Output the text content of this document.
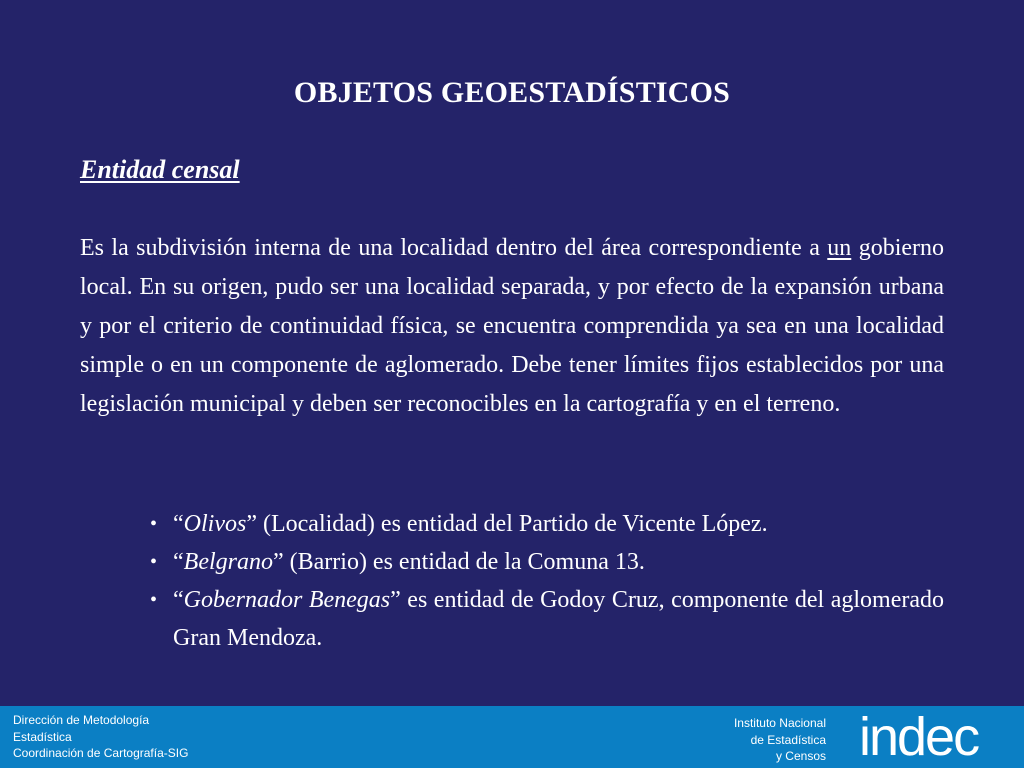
OBJETOS GEOESTADÍSTICOS
Entidad censal

Es la subdivisión interna de una localidad dentro del área correspondiente a un gobierno local. En su origen, pudo ser una localidad separada, y por efecto de la expansión urbana y por el criterio de continuidad física, se encuentra comprendida ya sea en una localidad simple o en un componente de aglomerado. Debe tener límites fijos establecidos por una legislación municipal y deben ser reconocibles en la cartografía y en el terreno.

• “Olivos” (Localidad) es entidad del Partido de Vicente López.
• “Belgrano” (Barrio) es entidad de la Comuna 13.
• “Gobernador Benegas” es entidad de Godoy Cruz, componente del aglomerado Gran Mendoza.
Dirección de Metodología
Estadística
Coordinación de Cartografía-SIG
Instituto Nacional
de Estadística
y Censos indec
